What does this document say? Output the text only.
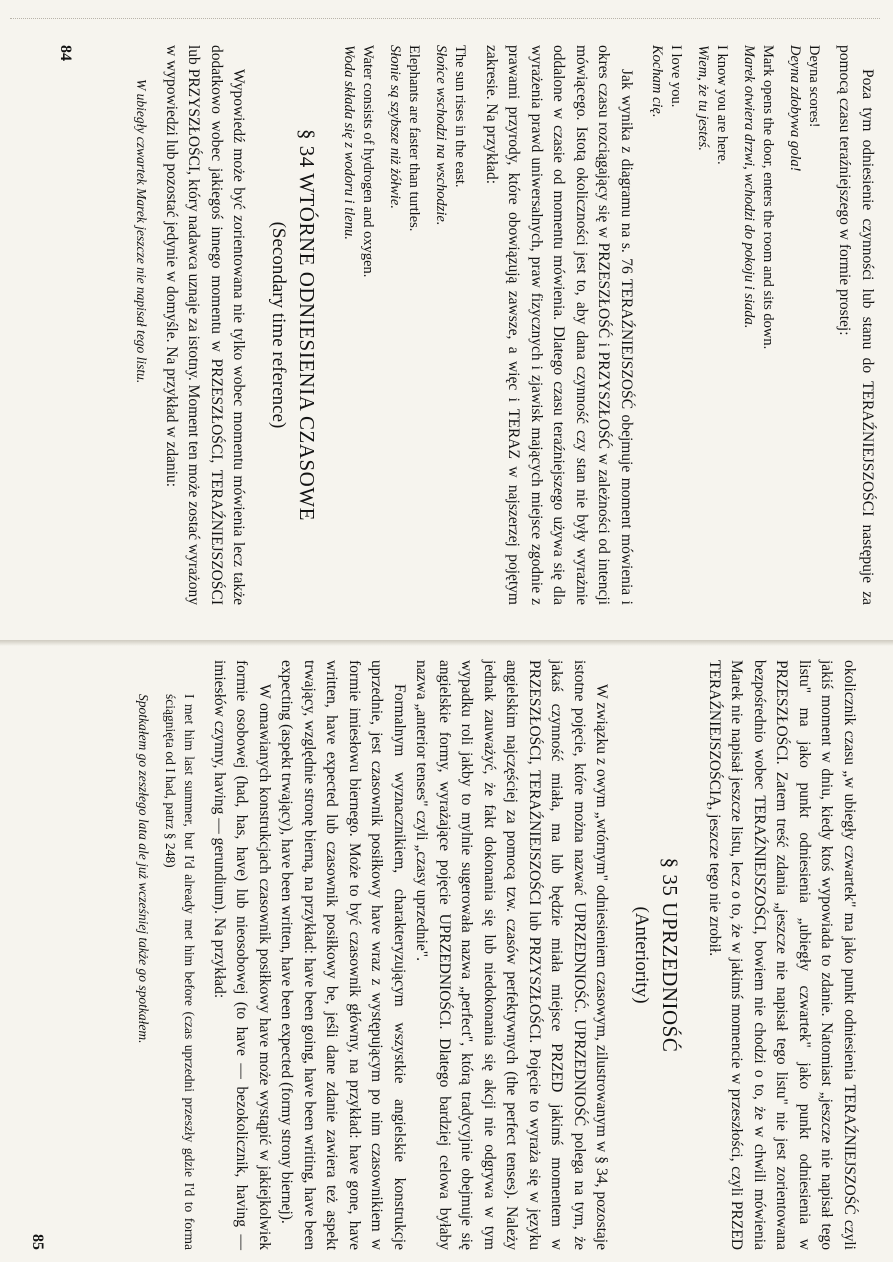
Poza tym odniesienie czynności lub stanu do TERAŹNIEJSZOŚCI następuje za pomocą czasu teraźniejszego w formie prostej:

Deyna scores!
Deyna zdobywa gola!
Mark opens the door, enters the room and sits down.
Marek otwiera drzwi, wchodzi do pokoju i siada.
I know you are here.
Wiem, że tu jesteś.
I love you.
Kocham cię.

Jak wynika z diagramu na s. 76 TERAŹNIEJSZOŚĆ obejmuje moment mówienia i okres czasu rozciągający się w PRZESZŁOŚĆ i PRZYSZŁOŚĆ w zależności od intencji mówiącego. Istotą okoliczności jest to, aby dana czynność czy stan nie były wyrażnie oddalone w czasie od momentu mówienia. Dlatego czasu teraźniejszego używa się dla wyrażenia prawd uniwersalnych, praw fizycznych i zjawisk mających miejsce zgodnie z prawami przyrody, które obowiązują zawsze, a więc i TERAZ w najszerzej pojętym zakresie. Na przykład:

The sun rises in the east.
Słońce wschodzi na wschodzie.
Elephants are faster than turtles.
Słonie są szybsze niż żółwie.
Water consists of hydrogen and oxygen.
Woda składa się z wodoru i tlenu.
§ 34 WTÓRNE ODNIESIENIA CZASOWE
(Secondary time reference)

Wypowiedź może być zorientowana nie tylko wobec momentu mówienia lecz także dodatkowo wobec jakiegoś innego momentu w PRZESZŁOŚCI, TERAŹNIEJSZOŚCI lub PRZYSZŁOŚCI, który nadawca uznaje za istotny. Moment ten może zostać wyrażony w wypowiedzi lub pozostać jedynie w domyśle. Na przykład w zdaniu:

W ubiegły czwartek Marek jeszcze nie napisał tego listu.
84

okolicznik czasu „w ubiegły czwartek" ma jako punkt odniesienia TERAŹNIEJSZOŚĆ czyli jakiś moment w dniu, kiedy ktoś wypowiada to zdanie. Natomiast „jeszcze nie napisał tego listu" ma jako punkt odniesienia „ubiegły czwartek" jako punkt odniesienia w PRZESZŁOŚCI. Zatem treść zdania „jeszcze nie napisał tego listu" nie jest zorientowana bezpośrednio wobec TERAŹNIEJSZOŚCI, bowiem nie chodzi o to, że w chwili mówienia Marek nie napisał jeszcze listu, lecz o to, że w jakimś momencie w przeszłości, czyli PRZED TERAŹNIEJSZOŚCIĄ, jeszcze tego nie zrobił.

§ 35 UPRZEDNIOŚĆ
(Anteriority)

W związku z owym „wtórnym" odniesieniem czasowym, zilustrowanym w § 34, pozostaje istotne pojęcie, które można nazwać UPRZEDNIOŚĆ. UPRZEDNIOŚĆ polega na tym, że jakaś czynność miała, ma lub będzie miała miejsce PRZED jakimś momentem w PRZESZŁOŚCI, TERAŹNIEJSZOŚCI lub PRZYSZŁOŚCI. Pojęcie to wyraża się w języku angielskim najczęściej za pomocą tzw. czasów perfektywnych (the perfect tenses). Należy jednak zauważyć, że fakt dokonania się lub niedokonania się akcji nie odgrywa w tym wypadku roli jakby to mylnie sugerowała nazwa „perfect", którą tradycyjnie obejmuje się angielskie formy, wyrażające pojęcie UPRZEDNIOŚCI. Dlatego bardziej celowa byłaby nazwa „anterior tenses" czyli „czasy uprzednie".

Formalnym wyznacznikiem, charakteryzującym wszystkie angielskie konstrukcje uprzednie, jest czasownik posiłkowy have wraz z występującym po nim czasownikiem w formie imiesłowu biernego. Może to być czasownik główny, na przykład: have gone, have written, have expected lub czasownik posiłkowy be, jeśli dane zdanie zawiera też aspekt trwający, względnie stronę bierną, na przykład: have been going, have been writing, have been expecting (aspekt trwający), have been written, have been expected (formy strony biernej).

W omawianych konstrukcjach czasownik posiłkowy have może wystąpić w jakiejkolwiek formie osobowej (had, has, have) lub nieosobowej (to have — bezokolicznik, having — imiesłów czynny, having — gerundium). Na przykład:

I met him last summer, but I'd already met him before (czas uprzedni przeszły gdzie I'd to forma ściągnięta od I had, patrz § 248)
Spotkałem go zeszłego lata ale już wcześniej także go spotkałem.
85
